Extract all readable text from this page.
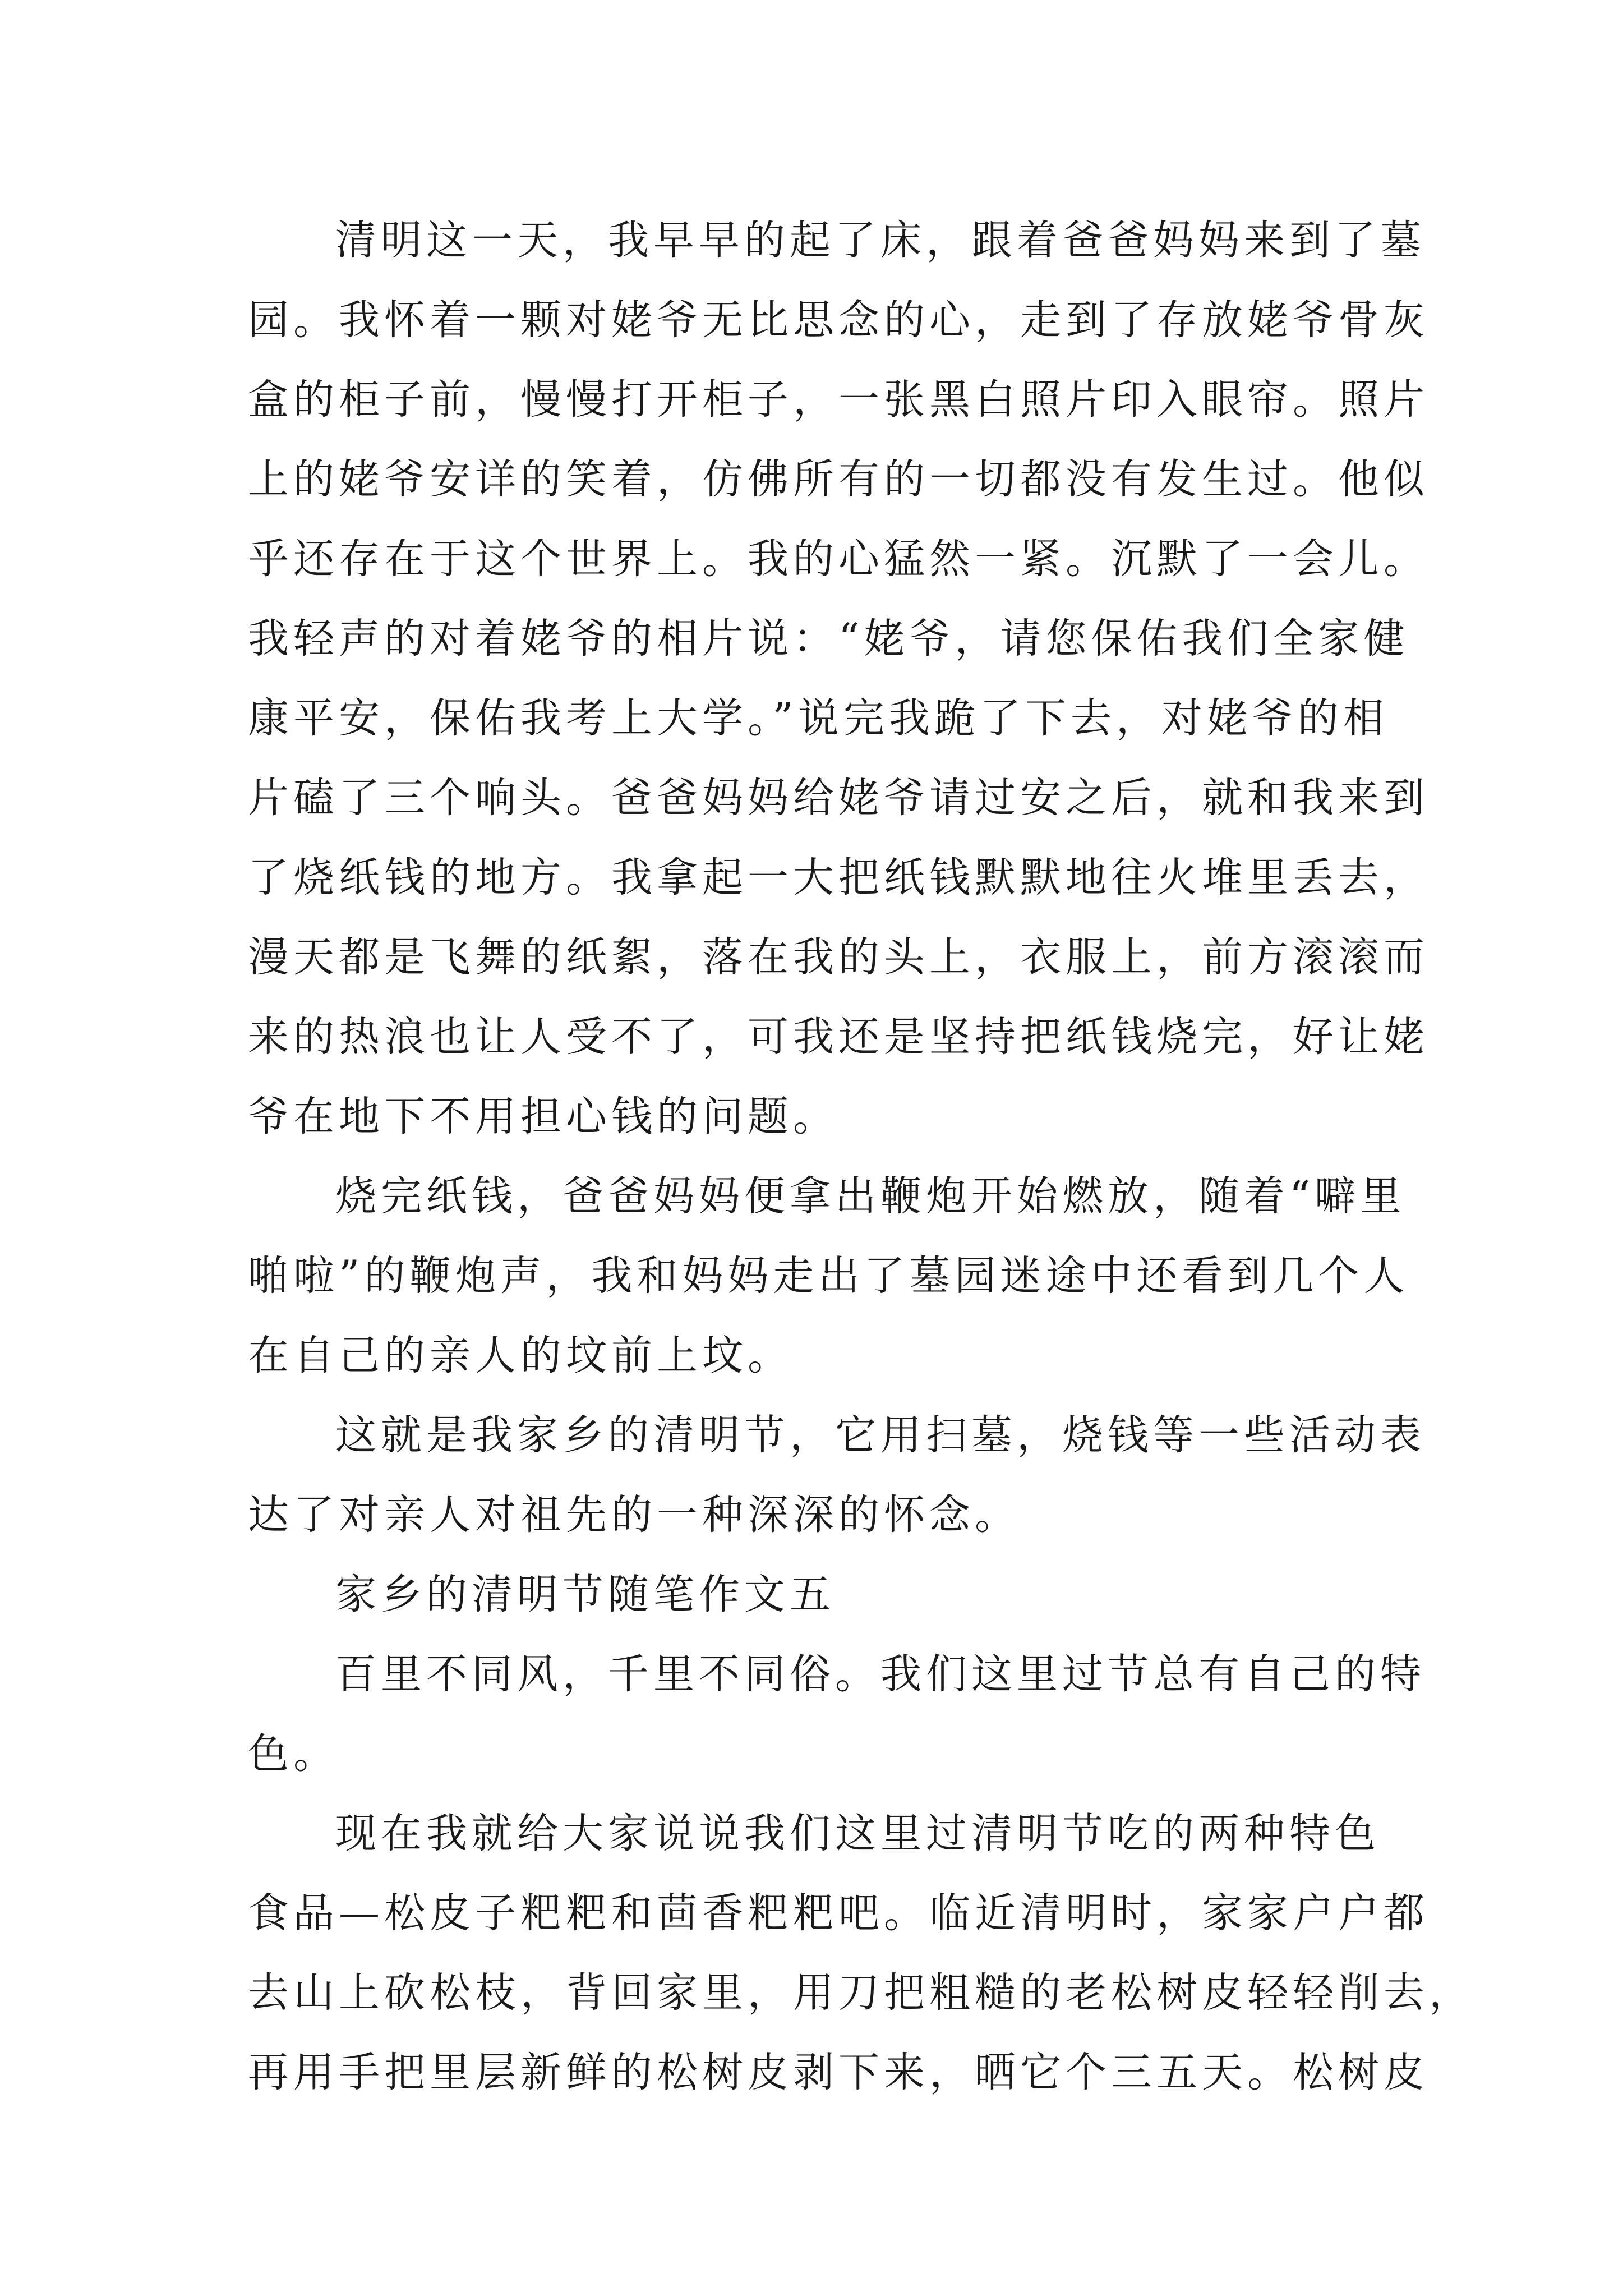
清明这一天，我早早的起了床，跟着爸爸妈妈来到了墓
园。我怀着一颗对姥爷无比思念的心，走到了存放姥爷骨灰
盒的柜子前，慢慢打开柜子，一张黑白照片印入眼帘。照片
上的姥爷安详的笑着，仿佛所有的一切都没有发生过。他似
乎还存在于这个世界上。我的心猛然一紧。沉默了一会儿。
我轻声的对着姥爷的相片说：“姥爷，请您保佑我们全家健
康平安，保佑我考上大学。”说完我跪了下去，对姥爷的相
片磕了三个响头。爸爸妈妈给姥爷请过安之后，就和我来到
了烧纸钱的地方。我拿起一大把纸钱默默地往火堆里丢去，
漫天都是飞舞的纸絮，落在我的头上，衣服上，前方滚滚而
来的热浪也让人受不了，可我还是坚持把纸钱烧完，好让姥
爷在地下不用担心钱的问题。
烧完纸钱，爸爸妈妈便拿出鞭炮开始燃放，随着“噼里
啪啦”的鞭炮声，我和妈妈走出了墓园迷途中还看到几个人
在自己的亲人的坟前上坟。
这就是我家乡的清明节，它用扫墓，烧钱等一些活动表
达了对亲人对祖先的一种深深的怀念。
家乡的清明节随笔作文五
百里不同风，千里不同俗。我们这里过节总有自己的特
色。
现在我就给大家说说我们这里过清明节吃的两种特色
食品—松皮子粑粑和茴香粑粑吧。临近清明时，家家户户都
去山上砍松枝，背回家里，用刀把粗糙的老松树皮轻轻削去，
再用手把里层新鲜的松树皮剥下来，晒它个三五天。松树皮
